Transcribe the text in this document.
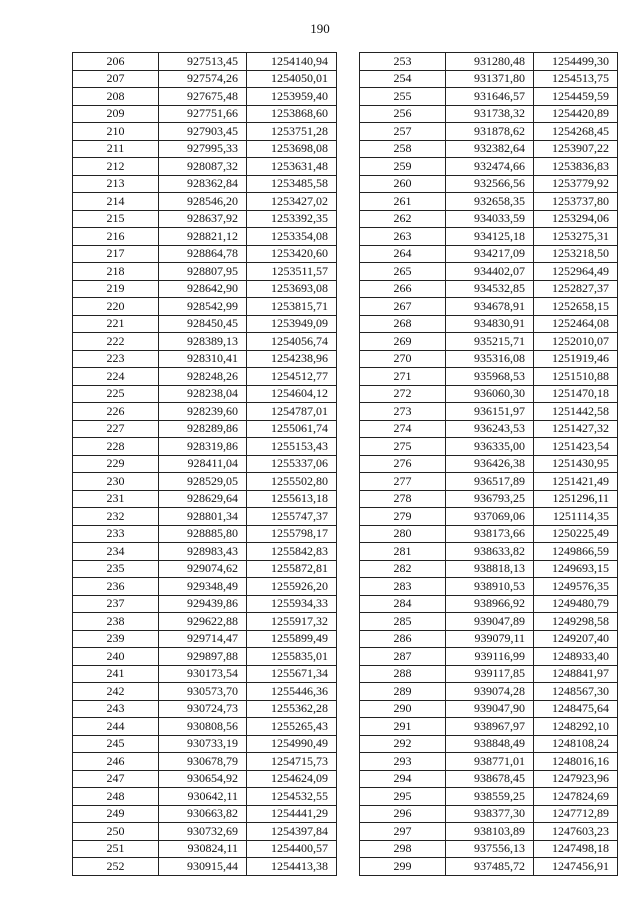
190
206	927513,45	1254140,94
207	927574,26	1254050,01
208	927675,48	1253959,40
209	927751,66	1253868,60
210	927903,45	1253751,28
211	927995,33	1253698,08
212	928087,32	1253631,48
213	928362,84	1253485,58
214	928546,20	1253427,02
215	928637,92	1253392,35
216	928821,12	1253354,08
217	928864,78	1253420,60
218	928807,95	1253511,57
219	928642,90	1253693,08
220	928542,99	1253815,71
221	928450,45	1253949,09
222	928389,13	1254056,74
223	928310,41	1254238,96
224	928248,26	1254512,77
225	928238,04	1254604,12
226	928239,60	1254787,01
227	928289,86	1255061,74
228	928319,86	1255153,43
229	928411,04	1255337,06
230	928529,05	1255502,80
231	928629,64	1255613,18
232	928801,34	1255747,37
233	928885,80	1255798,17
234	928983,43	1255842,83
235	929074,62	1255872,81
236	929348,49	1255926,20
237	929439,86	1255934,33
238	929622,88	1255917,32
239	929714,47	1255899,49
240	929897,88	1255835,01
241	930173,54	1255671,34
242	930573,70	1255446,36
243	930724,73	1255362,28
244	930808,56	1255265,43
245	930733,19	1254990,49
246	930678,79	1254715,73
247	930654,92	1254624,09
248	930642,11	1254532,55
249	930663,82	1254441,29
250	930732,69	1254397,84
251	930824,11	1254400,57
252	930915,44	1254413,38
253	931280,48	1254499,30
254	931371,80	1254513,75
255	931646,57	1254459,59
256	931738,32	1254420,89
257	931878,62	1254268,45
258	932382,64	1253907,22
259	932474,66	1253836,83
260	932566,56	1253779,92
261	932658,35	1253737,80
262	934033,59	1253294,06
263	934125,18	1253275,31
264	934217,09	1253218,50
265	934402,07	1252964,49
266	934532,85	1252827,37
267	934678,91	1252658,15
268	934830,91	1252464,08
269	935215,71	1252010,07
270	935316,08	1251919,46
271	935968,53	1251510,88
272	936060,30	1251470,18
273	936151,97	1251442,58
274	936243,53	1251427,32
275	936335,00	1251423,54
276	936426,38	1251430,95
277	936517,89	1251421,49
278	936793,25	1251296,11
279	937069,06	1251114,35
280	938173,66	1250225,49
281	938633,82	1249866,59
282	938818,13	1249693,15
283	938910,53	1249576,35
284	938966,92	1249480,79
285	939047,89	1249298,58
286	939079,11	1249207,40
287	939116,99	1248933,40
288	939117,85	1248841,97
289	939074,28	1248567,30
290	939047,90	1248475,64
291	938967,97	1248292,10
292	938848,49	1248108,24
293	938771,01	1248016,16
294	938678,45	1247923,96
295	938559,25	1247824,69
296	938377,30	1247712,89
297	938103,89	1247603,23
298	937556,13	1247498,18
299	937485,72	1247456,91
